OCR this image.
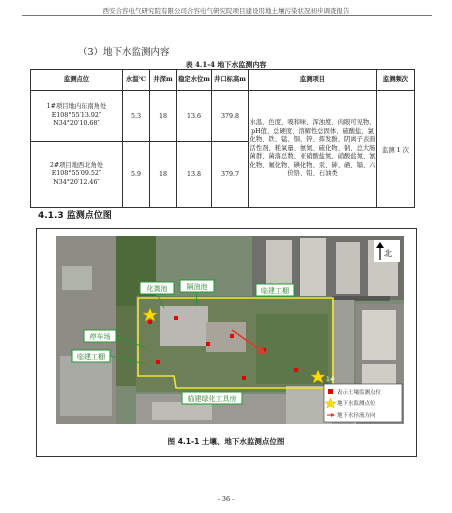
西安合容电气研究院有限公司合容电气研究院项目建设用地土壤污染状况初步调查报告
（3）地下水监测内容
表 4.1-4 地下水监测内容
监测点位	水温℃	井深m	稳定水位m	井口标高m	监测项目	监测频次

1#项目地内东南角处
E108°55′13.92″
N34°20′10.68″	5.3	18	13.6	379.8	水温、色度、嗅和味、浑浊度、肉眼可见物、pH值、总硬度、溶解性总固体、硫酸盐、氯化物、铁、锰、铜、锌、挥发酚、阴离子表面活性剂、耗氧量、氨氮、硫化物、钠、总大肠菌群、菌落总数、亚硝酸盐氮、硝酸盐氮、氰化物、氟化物、碘化物、汞、砷、硒、镉、六价铬、铅、石油类	监测 1 次

2#项目地西北角处
E108°55′09.52″
N34°20′12.46″	5.9	18	13.8	379.7		
4.1.3 监测点位图
化粪池	隔油池	临建工棚
停车场
临建工棚
临建绿化工具房
1#
北
表示土壤监测点位
地下水监测点位
地下水径流方向
图 4.1-1 土壤、地下水监测点位图
- 36 -
